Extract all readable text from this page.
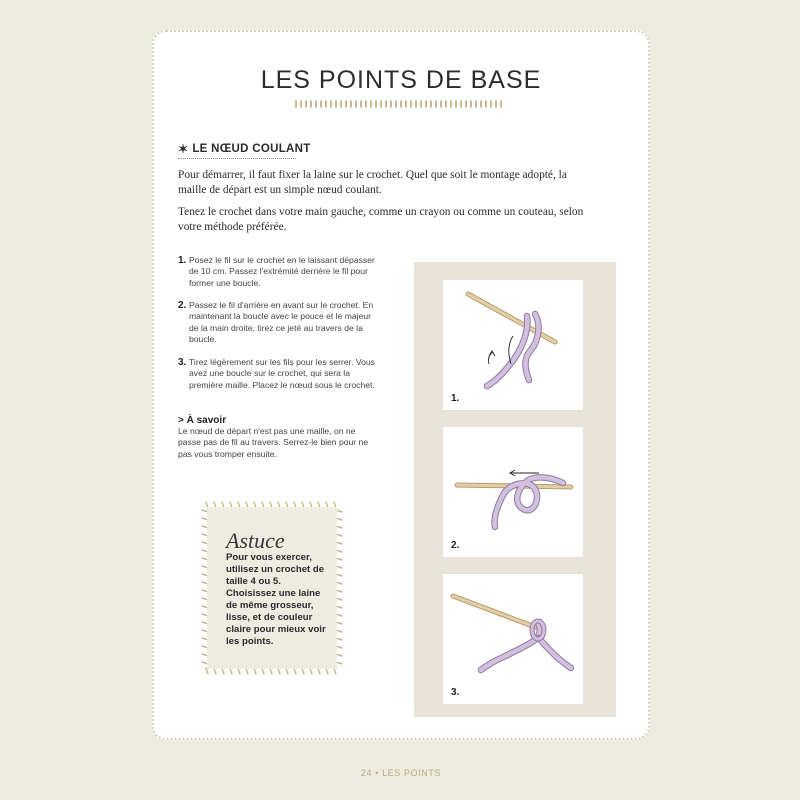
LES POINTS DE BASE
✶ LE NŒUD COULANT

Pour démarrer, il faut fixer la laine sur le crochet. Quel que soit le montage adopté, la maille de départ est un simple nœud coulant.

Tenez le crochet dans votre main gauche, comme un crayon ou comme un couteau, selon votre méthode préférée.

1. Posez le fil sur le crochet en le laissant dépasser de 10 cm. Passez l'extrémité derrière le fil pour former une boucle.
2. Passez le fil d'arrière en avant sur le crochet. En maintenant la boucle avec le pouce et le majeur de la main droite, tirez ce jeté au travers de la boucle.
3. Tirez légèrement sur les fils pour les serrer. Vous avez une boucle sur le crochet, qui sera la première maille. Placez le nœud sous le crochet.
> À savoir

Le nœud de départ n'est pas une maille, on ne passe pas de fil au travers. Serrez-le bien pour ne pas vous tromper ensuite.

Astuce

Pour vous exercer, utilisez un crochet de taille 4 ou 5. Choisissez une laine de même grosseur, lisse, et de couleur claire pour mieux voir les points.

1.
2.
3.
24 • LES POINTS
